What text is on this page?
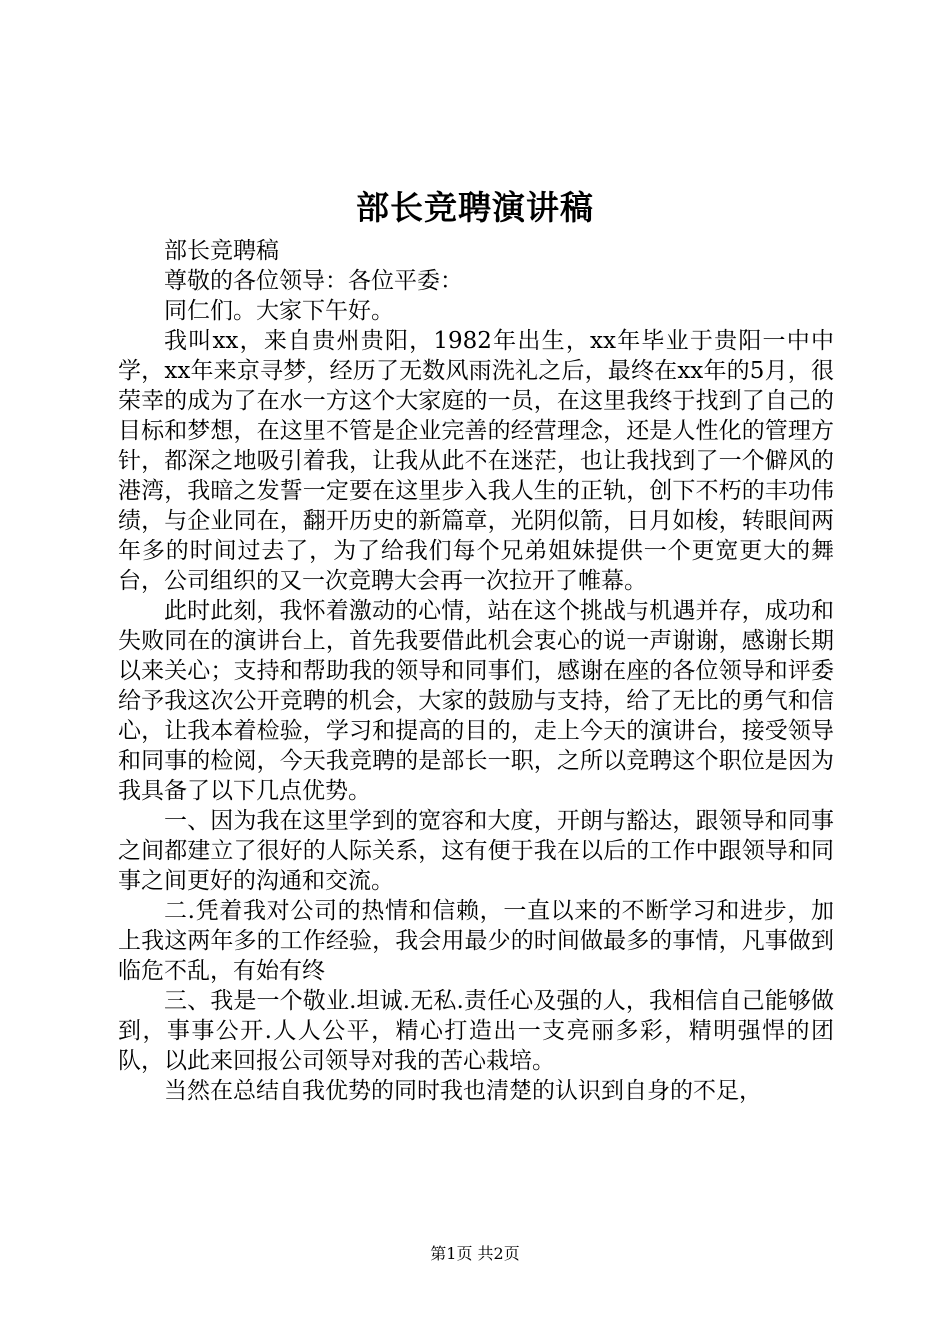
部长竞聘演讲稿

部长竞聘稿

尊敬的各位领导：各位平委：

同仁们。大家下午好。

我叫xx，来自贵州贵阳，1982年出生，xx年毕业于贵阳一中中学，xx年来京寻梦，经历了无数风雨洗礼之后，最终在xx年的5月，很荣幸的成为了在水一方这个大家庭的一员，在这里我终于找到了自己的目标和梦想，在这里不管是企业完善的经营理念，还是人性化的管理方针，都深之地吸引着我，让我从此不在迷茫，也让我找到了一个僻风的港湾，我暗之发誓一定要在这里步入我人生的正轨，创下不朽的丰功伟绩，与企业同在，翻开历史的新篇章，光阴似箭，日月如梭，转眼间两年多的时间过去了，为了给我们每个兄弟姐妹提供一个更宽更大的舞台，公司组织的又一次竞聘大会再一次拉开了帷幕。

此时此刻，我怀着激动的心情，站在这个挑战与机遇并存，成功和失败同在的演讲台上，首先我要借此机会衷心的说一声谢谢，感谢长期以来关心；支持和帮助我的领导和同事们，感谢在座的各位领导和评委给予我这次公开竞聘的机会，大家的鼓励与支持，给了无比的勇气和信心，让我本着检验，学习和提高的目的，走上今天的演讲台，接受领导和同事的检阅，今天我竞聘的是部长一职，之所以竞聘这个职位是因为我具备了以下几点优势。

一、因为我在这里学到的宽容和大度，开朗与豁达，跟领导和同事之间都建立了很好的人际关系，这有便于我在以后的工作中跟领导和同事之间更好的沟通和交流。

二.凭着我对公司的热情和信赖，一直以来的不断学习和进步，加上我这两年多的工作经验，我会用最少的时间做最多的事情，凡事做到临危不乱，有始有终

三、我是一个敬业.坦诚.无私.责任心及强的人，我相信自己能够做到，事事公开.人人公平，精心打造出一支亮丽多彩，精明强悍的团队，以此来回报公司领导对我的苦心栽培。

当然在总结自我优势的同时我也清楚的认识到自身的不足，

第1页 共2页
